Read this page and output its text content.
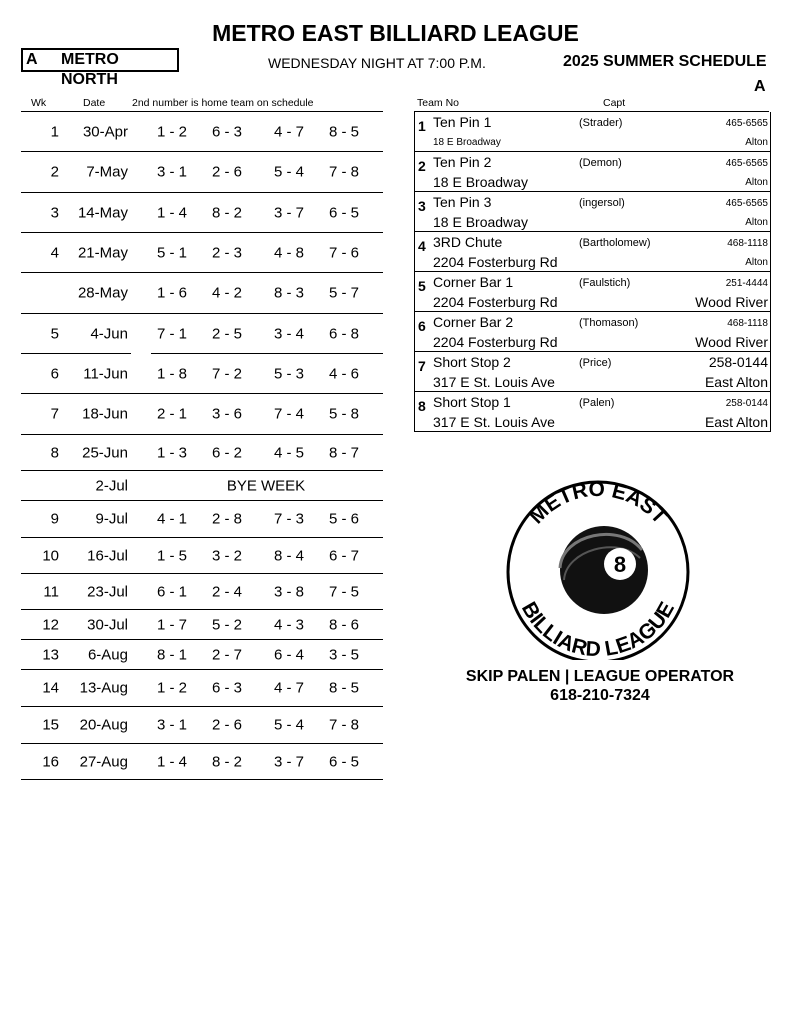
METRO EAST BILLIARD LEAGUE
A METRO NORTH
WEDNESDAY NIGHT AT 7:00 P.M.	2025 SUMMER SCHEDULE
A
Wk	Date	2nd number is home team on schedule
1	30-Apr	1 - 2	6 - 3	4 - 7	8 - 5
2	7-May	3 - 1	2 - 6	5 - 4	7 - 8
3	14-May	1 - 4	8 - 2	3 - 7	6 - 5
4	21-May	5 - 1	2 - 3	4 - 8	7 - 6
28-May	1 - 6	4 - 2	8 - 3	5 - 7
5	4-Jun	7 - 1	2 - 5	3 - 4	6 - 8
6	11-Jun	1 - 8	7 - 2	5 - 3	4 - 6
7	18-Jun	2 - 1	3 - 6	7 - 4	5 - 8
8	25-Jun	1 - 3	6 - 2	4 - 5	8 - 7
2-Jul	BYE WEEK
9	9-Jul	4 - 1	2 - 8	7 - 3	5 - 6
10	16-Jul	1 - 5	3 - 2	8 - 4	6 - 7
11	23-Jul	6 - 1	2 - 4	3 - 8	7 - 5
12	30-Jul	1 - 7	5 - 2	4 - 3	8 - 6
13	6-Aug	8 - 1	2 - 7	6 - 4	3 - 5
14	13-Aug	1 - 2	6 - 3	4 - 7	8 - 5
15	20-Aug	3 - 1	2 - 6	5 - 4	7 - 8
16	27-Aug	1 - 4	8 - 2	3 - 7	6 - 5
Team No	Capt
1 Ten Pin 1	(Strader)	465-6565
18 E Broadway	Alton
2 Ten Pin 2	(Demon)	465-6565
18 E Broadway	Alton
3 Ten Pin 3	(ingersol)	465-6565
18 E Broadway	Alton
4 3RD Chute	(Bartholomew)	468-1118
2204 Fosterburg Rd	Alton
5 Corner Bar 1	(Faulstich)	251-4444
2204 Fosterburg Rd	Wood River
6 Corner Bar 2	(Thomason)	468-1118
2204 Fosterburg Rd	Wood River
7 Short Stop 2	(Price)	258-0144
317 E St. Louis Ave	East Alton
8 Short Stop 1	(Palen)	258-0144
317 E St. Louis Ave	East Alton
METRO EAST
BILLIARD LEAGUE
8
SKIP PALEN | LEAGUE OPERATOR
618-210-7324
